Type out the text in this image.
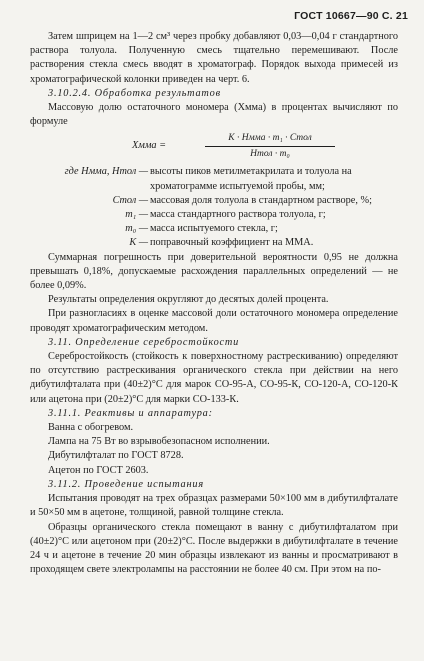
ГОСТ 10667—90 С. 21

Затем шприцем на 1—2 см³ через пробку добавляют 0,03—0,04 г стандартного раствора толуола. Полученную смесь тщательно перемешивают. После растворения стекла смесь вводят в хроматограф. Порядок выхода примесей из хроматографической колонки приведен на черт. 6.

3.10.2.4. Обработка результатов

Массовую долю остаточного мономера (Xммa) в процентах вычисляют по формуле

Xмма =
K · Hмма · m₁ · Cтол
Hтол · m₀
где Hмма, Hтол — высоты пиков метилметакрилата и толуола на
хроматограмме испытуемой пробы, мм;
Cтол — массовая доля толуола в стандартном растворе, %;
m₁ — масса стандартного раствора толуола, г;
m₀ — масса испытуемого стекла, г;
K — поправочный коэффициент на ММА.

Суммарная погрешность при доверительной вероятности 0,95 не должна превышать 0,18%, допускаемые расхождения параллельных определений — не более 0,09%.

Результаты определения округляют до десятых долей процента.

При разногласиях в оценке массовой доли остаточного мономера определение проводят хроматографическим методом.

3.11. Определение серебростойкости

Серебростойкость (стойкость к поверхностному растрескиванию) определяют по отсутствию растрескивания органического стекла при действии на него дибутилфталата при (40±2)°С для марок СО-95-А, СО-95-К, СО-120-А, СО-120-К или ацетона при (20±2)°С для марки СО-133-К.

3.11.1. Реактивы и аппаратура:

Ванна с обогревом.

Лампа на 75 Вт во взрывобезопасном исполнении.

Дибутилфталат по ГОСТ 8728.

Ацетон по ГОСТ 2603.

3.11.2. Проведение испытания

Испытания проводят на трех образцах размерами 50×100 мм в дибутилфталате и 50×50 мм в ацетоне, толщиной, равной толщине стекла.

Образцы органического стекла помещают в ванну с дибутилфталатом при (40±2)°С или ацетоном при (20±2)°С. После выдержки в дибутилфталате в течение 24 ч и ацетоне в течение 20 мин образцы извлекают из ванны и просматривают в проходящем свете электролампы на расстоянии не более 40 см. При этом на по-
